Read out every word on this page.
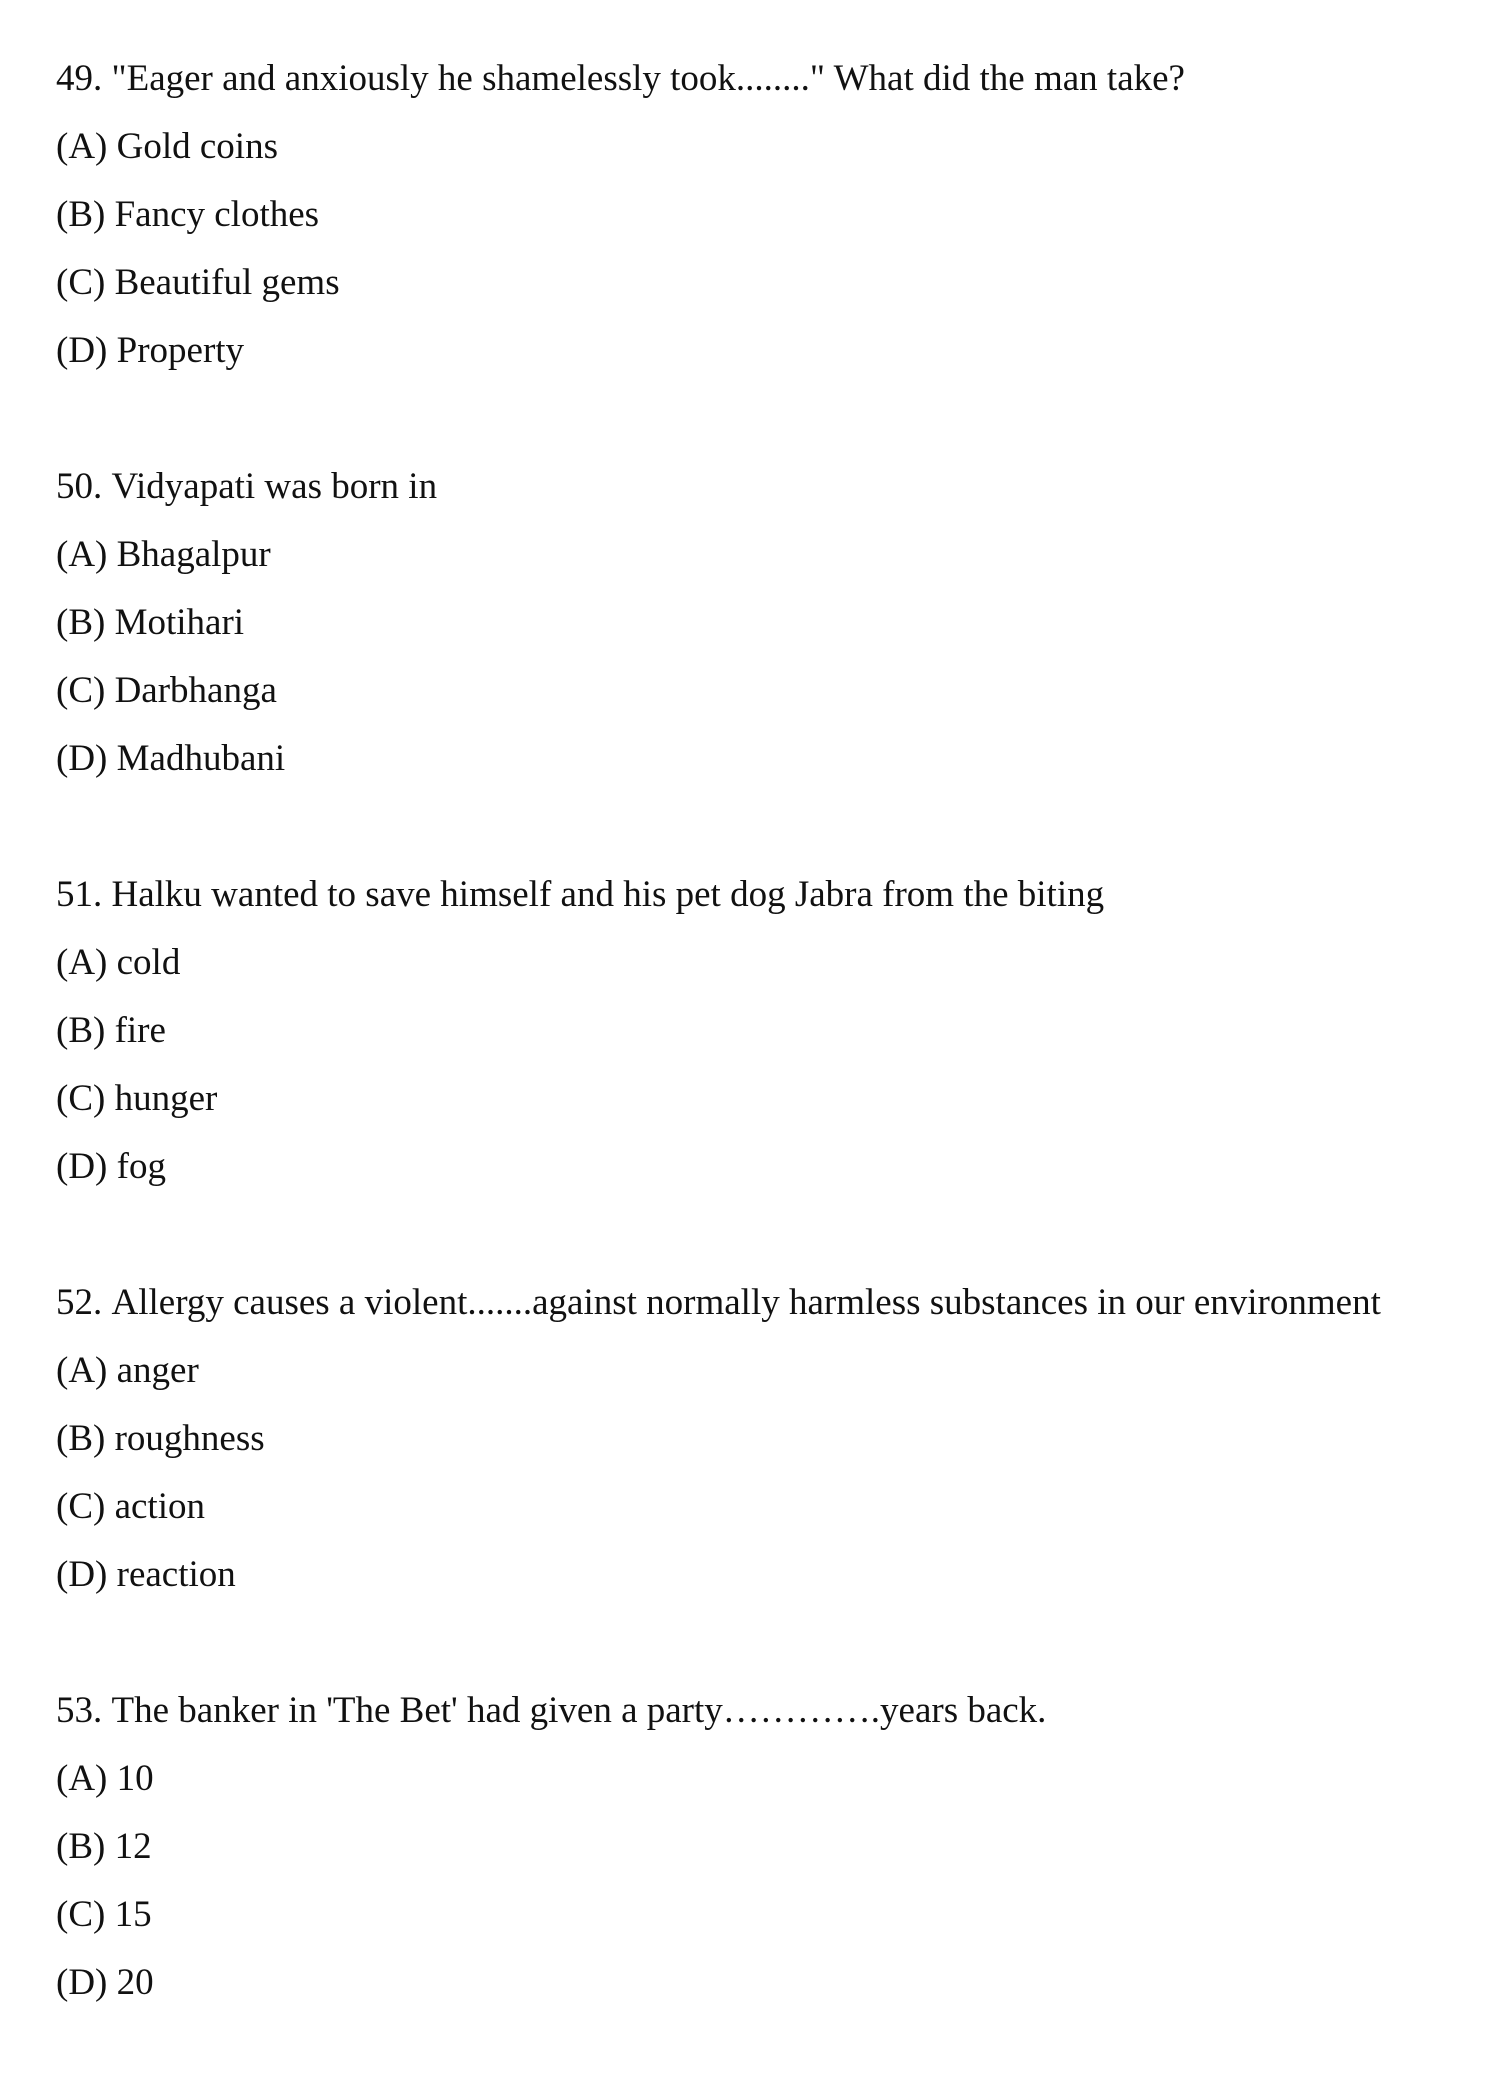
49. "Eager and anxiously he shamelessly took........" What did the man take?
(A) Gold coins
(B) Fancy clothes
(C) Beautiful gems
(D) Property
50. Vidyapati was born in
(A) Bhagalpur
(B) Motihari
(C) Darbhanga
(D) Madhubani
51. Halku wanted to save himself and his pet dog Jabra from the biting
(A) cold
(B) fire
(C) hunger
(D) fog
52. Allergy causes a violent.......against normally harmless substances in our environment
(A) anger
(B) roughness
(C) action
(D) reaction
53. The banker in 'The Bet' had given a party………….years back.
(A) 10
(B) 12
(C) 15
(D) 20
